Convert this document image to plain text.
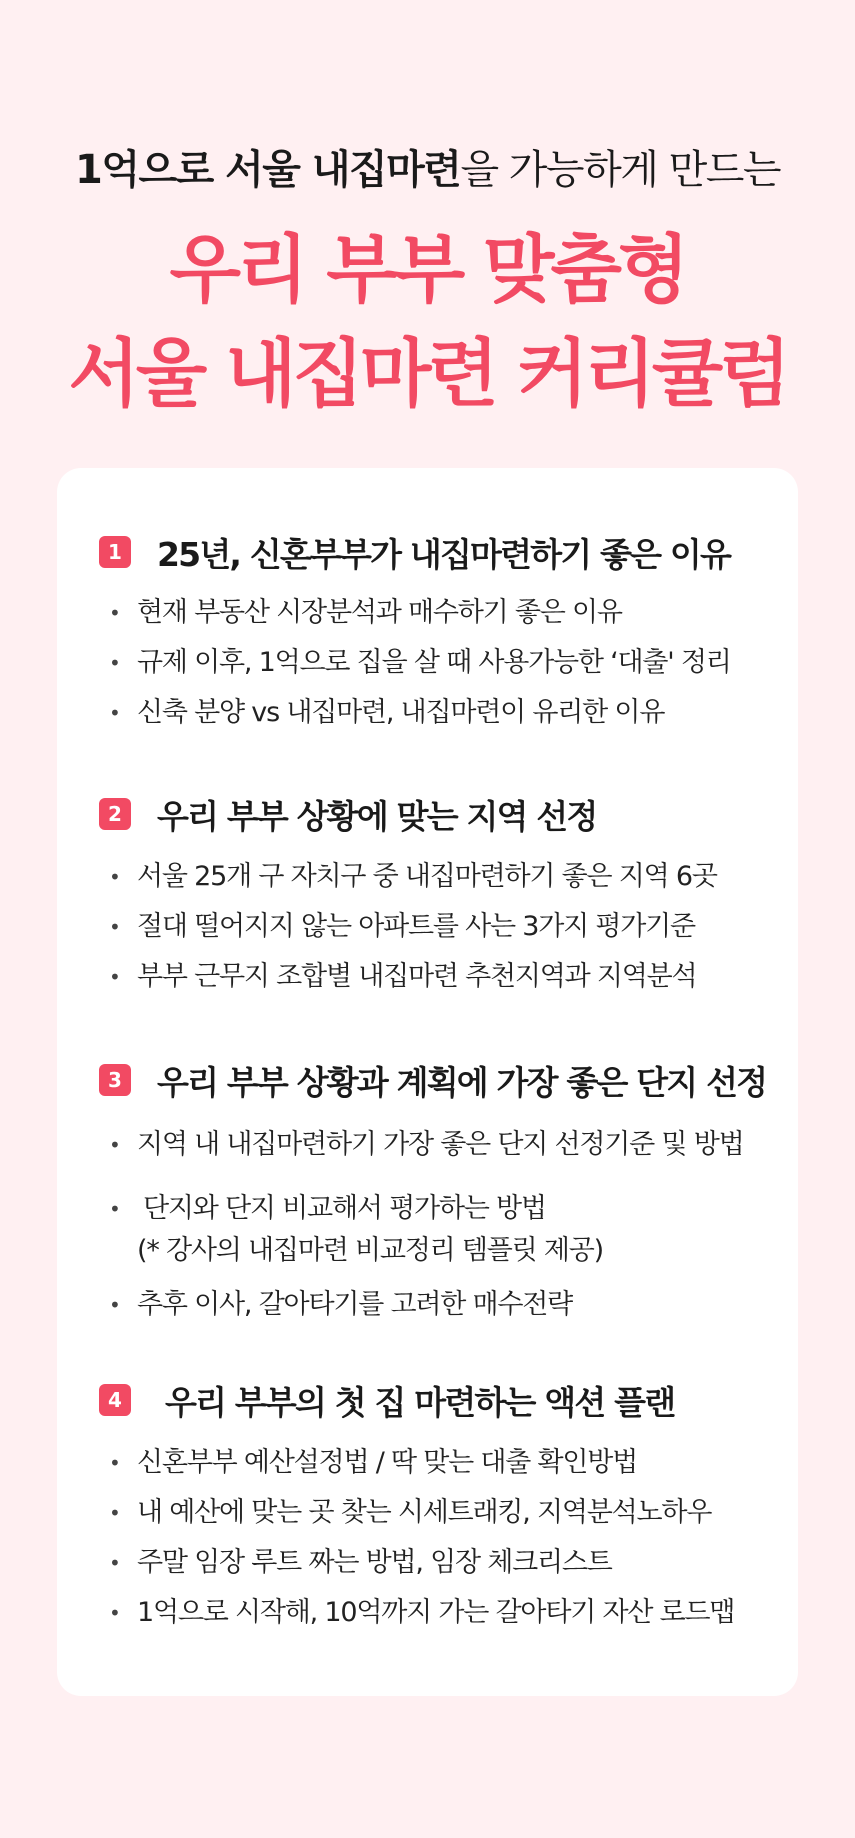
1억으로 서울 내집마련을 가능하게 만드는
우리 부부 맞춤형
서울 내집마련 커리큘럼
1 25년, 신혼부부가 내집마련하기 좋은 이유
• 현재 부동산 시장분석과 매수하기 좋은 이유
• 규제 이후, 1억으로 집을 살 때 사용가능한 ‘대출' 정리
• 신축 분양 vs 내집마련, 내집마련이 유리한 이유
2 우리 부부 상황에 맞는 지역 선정
• 서울 25개 구 자치구 중 내집마련하기 좋은 지역 6곳
• 절대 떨어지지 않는 아파트를 사는 3가지 평가기준
• 부부 근무지 조합별 내집마련 추천지역과 지역분석
3 우리 부부 상황과 계획에 가장 좋은 단지 선정
• 지역 내 내집마련하기 가장 좋은 단지 선정기준 및 방법
• 단지와 단지 비교해서 평가하는 방법
(* 강사의 내집마련 비교정리 템플릿 제공)
• 추후 이사, 갈아타기를 고려한 매수전략
4 우리 부부의 첫 집 마련하는 액션 플랜
• 신혼부부 예산설정법 / 딱 맞는 대출 확인방법
• 내 예산에 맞는 곳 찾는 시세트래킹, 지역분석노하우
• 주말 임장 루트 짜는 방법, 임장 체크리스트
• 1억으로 시작해, 10억까지 가는 갈아타기 자산 로드맵
